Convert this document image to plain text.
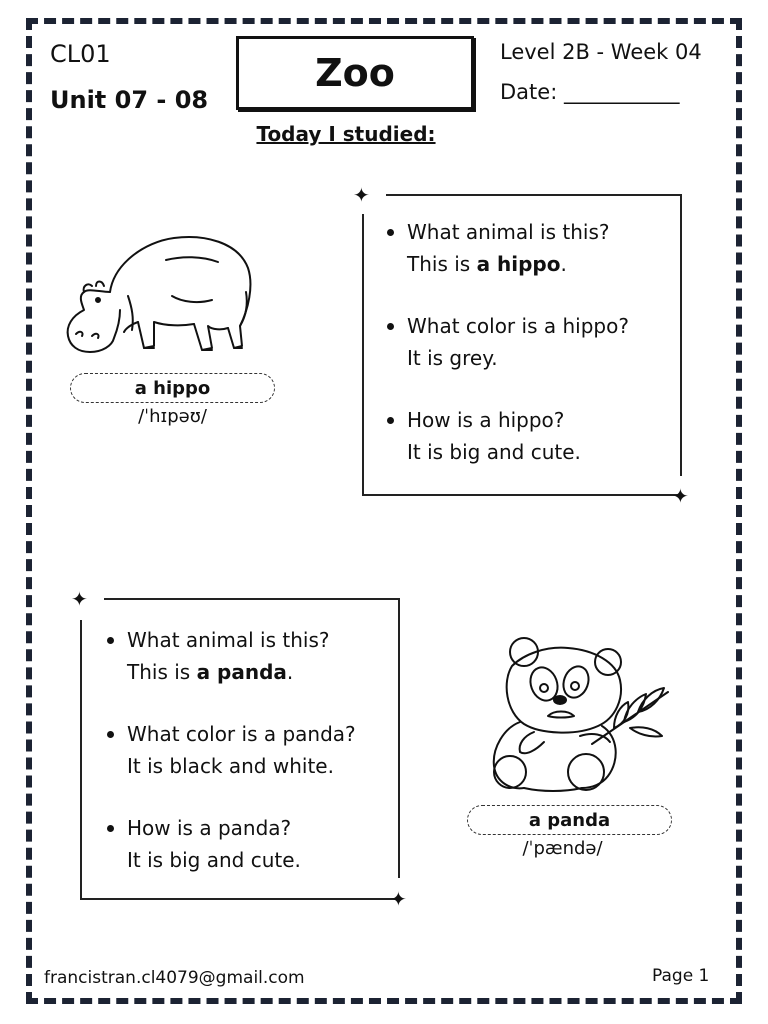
CL01
Unit 07 - 08
Zoo	Level 2B - Week 04
Date: ___________
Today I studied:
a hippo
/ˈhɪpəʊ/
✦
✦
What animal is this?
This is a hippo.
What color is a hippo?
It is grey.
How is a hippo?
It is big and cute.
✦
✦
What animal is this?
This is a panda.
What color is a panda?
It is black and white.
How is a panda?
It is big and cute.
a panda
/ˈpændə/
francistran.cl4079@gmail.com	Page 1
